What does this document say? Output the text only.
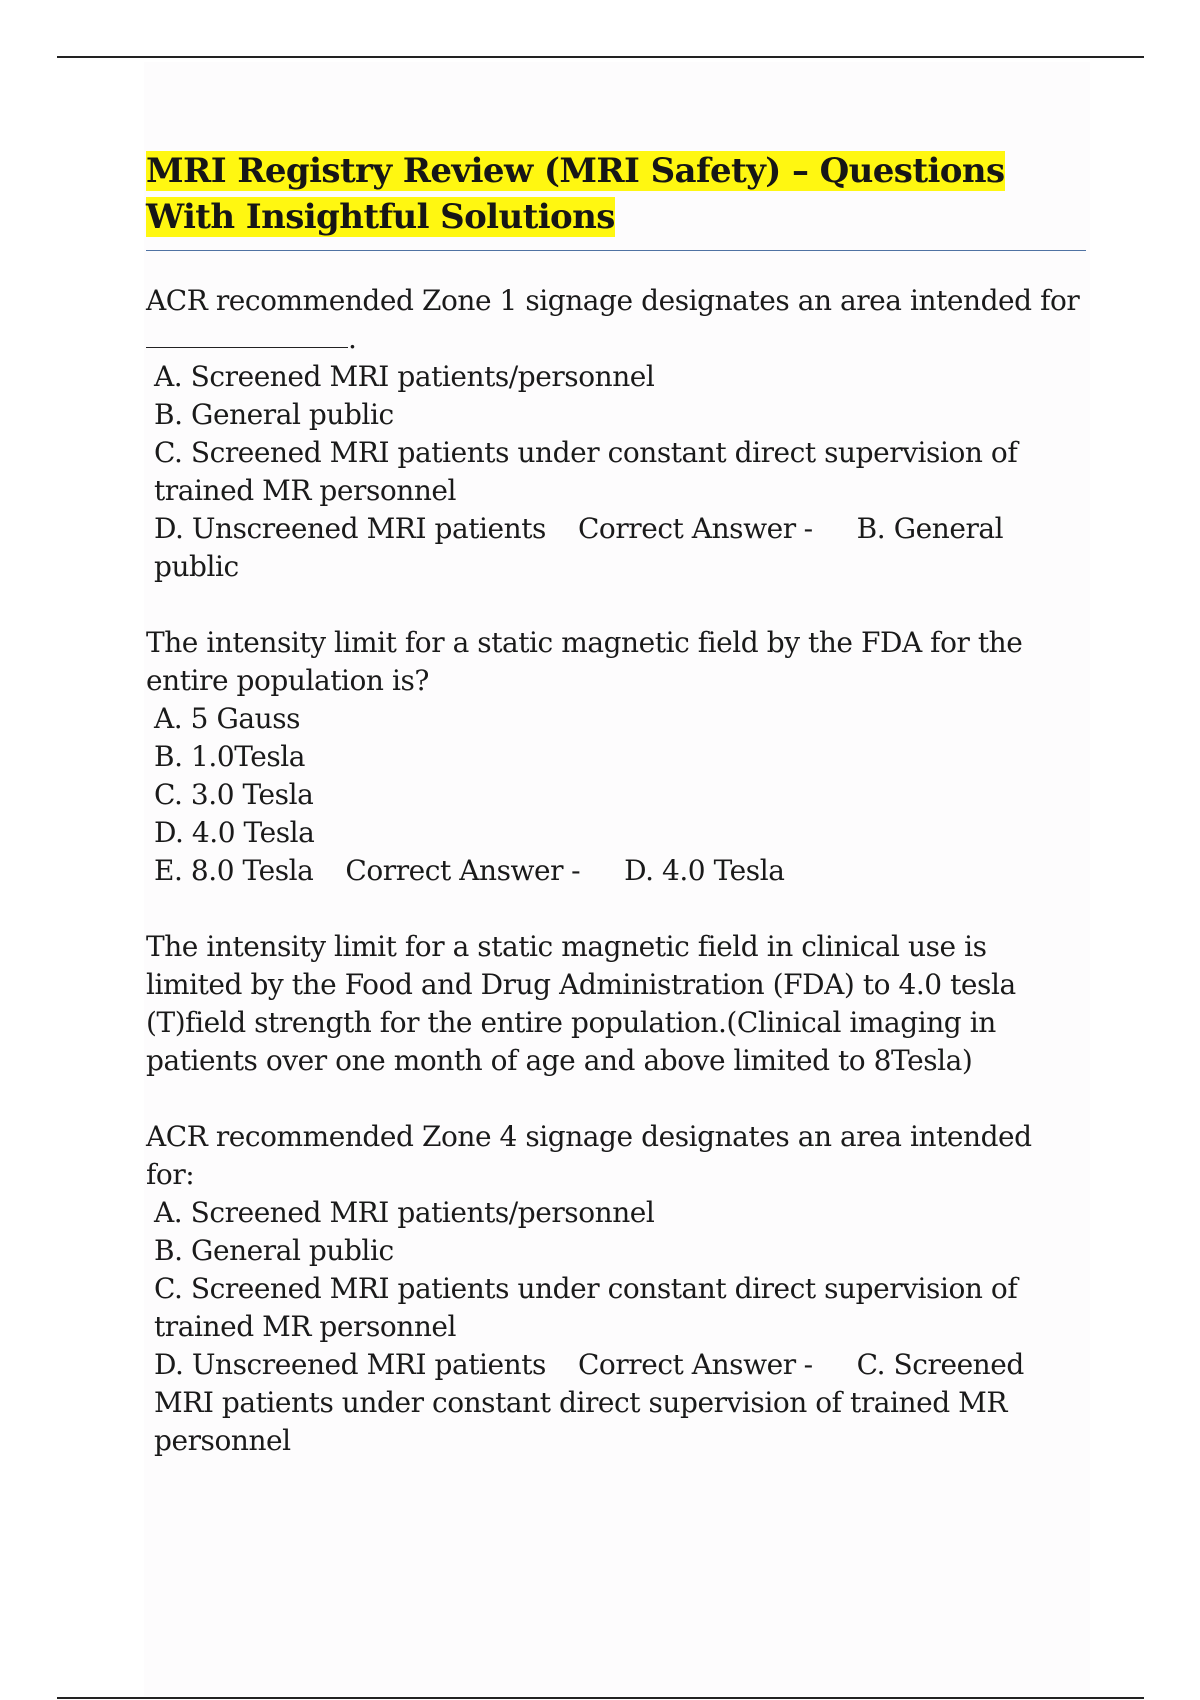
MRI Registry Review (MRI Safety) – Questions With Insightful Solutions

ACR recommended Zone 1 signage designates an area intended for
.

A. Screened MRI patients/personnel

B. General public

C. Screened MRI patients under constant direct supervision of trained MR personnel

D. Unscreened MRI patients Correct Answer - B. General public

The intensity limit for a static magnetic field by the FDA for the entire population is?

A. 5 Gauss

B. 1.0Tesla

C. 3.0 Tesla

D. 4.0 Tesla

E. 8.0 Tesla Correct Answer - D. 4.0 Tesla

The intensity limit for a static magnetic field in clinical use is limited by the Food and Drug Administration (FDA) to 4.0 tesla (T)field strength for the entire population.(Clinical imaging in patients over one month of age and above limited to 8Tesla)

ACR recommended Zone 4 signage designates an area intended for:

A. Screened MRI patients/personnel

B. General public

C. Screened MRI patients under constant direct supervision of trained MR personnel

D. Unscreened MRI patients Correct Answer - C. Screened MRI patients under constant direct supervision of trained MR personnel
